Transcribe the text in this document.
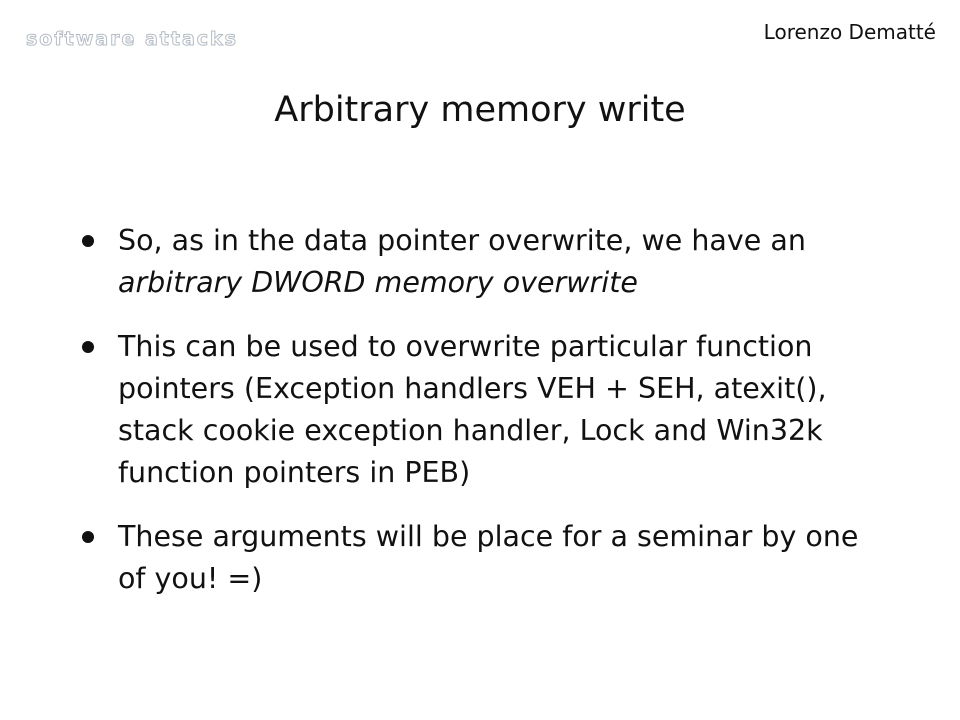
software attacks	Lorenzo Dematté
Arbitrary memory write
So, as in the data pointer overwrite, we have an arbitrary DWORD memory overwrite
This can be used to overwrite particular function pointers (Exception handlers VEH + SEH, atexit(), stack cookie exception handler, Lock and Win32k function pointers in PEB)
These arguments will be place for a seminar by one of you! =)
